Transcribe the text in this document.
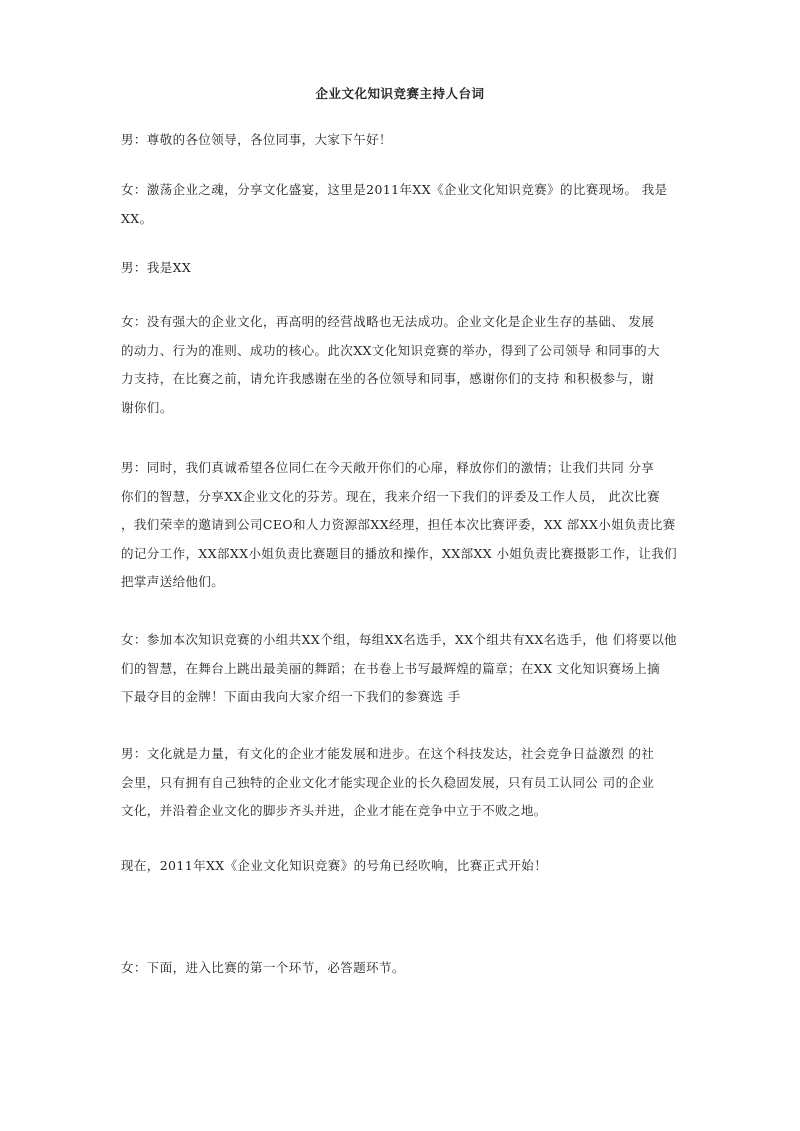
企业文化知识竞赛主持人台词
男：尊敬的各位领导，各位同事，大家下午好！
女：激荡企业之魂，分享文化盛宴，这里是2011年XX《企业文化知识竞赛》的比赛现场。 我是
XX。
男：我是XX
女：没有强大的企业文化，再高明的经营战略也无法成功。企业文化是企业生存的基础、 发展
的动力、行为的准则、成功的核心。此次XX文化知识竞赛的举办，得到了公司领导 和同事的大
力支持，在比赛之前，请允许我感谢在坐的各位领导和同事，感谢你们的支持 和积极参与，谢
谢你们。
男：同时，我们真诚希望各位同仁在今天敞开你们的心扉，释放你们的激情；让我们共同 分享
你们的智慧，分享XX企业文化的芬芳。现在，我来介绍一下我们的评委及工作人员， 此次比赛
，我们荣幸的邀请到公司CEO和人力资源部XX经理，担任本次比赛评委，XX 部XX小姐负责比赛
的记分工作，XX部XX小姐负责比赛题目的播放和操作，XX部XX 小姐负责比赛摄影工作，让我们
把掌声送给他们。
女：参加本次知识竞赛的小组共XX个组，每组XX名选手，XX个组共有XX名选手，他 们将要以他
们的智慧，在舞台上跳出最美丽的舞蹈；在书卷上书写最辉煌的篇章；在XX 文化知识赛场上摘
下最夺目的金牌！下面由我向大家介绍一下我们的参赛选 手
男：文化就是力量，有文化的企业才能发展和进步。在这个科技发达，社会竞争日益激烈 的社
会里，只有拥有自己独特的企业文化才能实现企业的长久稳固发展，只有员工认同公 司的企业
文化，并沿着企业文化的脚步齐头并进，企业才能在竞争中立于不败之地。
现在，2011年XX《企业文化知识竞赛》的号角已经吹响，比赛正式开始！
女：下面，进入比赛的第一个环节，必答题环节。
